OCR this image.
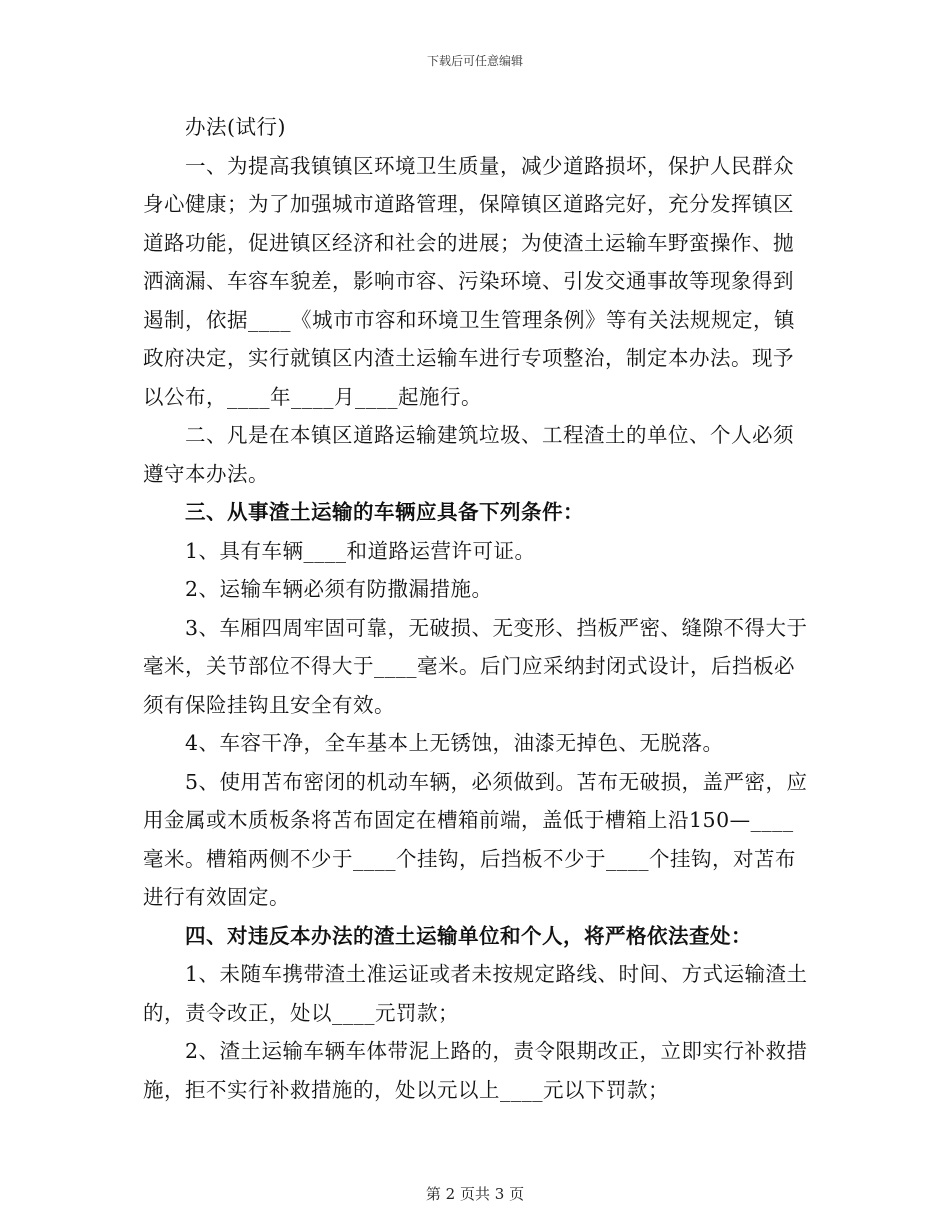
下载后可任意编辑

办法(试行)

一、为提高我镇镇区环境卫生质量，减少道路损坏，保护人民群众身心健康；为了加强城市道路管理，保障镇区道路完好，充分发挥镇区道路功能，促进镇区经济和社会的进展；为使渣土运输车野蛮操作、抛洒滴漏、车容车貌差，影响市容、污染环境、引发交通事故等现象得到遏制，依据____《城市市容和环境卫生管理条例》等有关法规规定，镇政府决定，实行就镇区内渣土运输车进行专项整治，制定本办法。现予以公布，____年____月____起施行。

二、凡是在本镇区道路运输建筑垃圾、工程渣土的单位、个人必须遵守本办法。

三、从事渣土运输的车辆应具备下列条件：

1、具有车辆____和道路运营许可证。

2、运输车辆必须有防撒漏措施。

3、车厢四周牢固可靠，无破损、无变形、挡板严密、缝隙不得大于毫米，关节部位不得大于____毫米。后门应采纳封闭式设计，后挡板必须有保险挂钩且安全有效。

4、车容干净，全车基本上无锈蚀，油漆无掉色、无脱落。

5、使用苫布密闭的机动车辆，必须做到。苫布无破损，盖严密，应用金属或木质板条将苫布固定在槽箱前端，盖低于槽箱上沿150—____毫米。槽箱两侧不少于____个挂钩，后挡板不少于____个挂钩，对苫布进行有效固定。

四、对违反本办法的渣土运输单位和个人，将严格依法查处：

1、未随车携带渣土准运证或者未按规定路线、时间、方式运输渣土的，责令改正，处以____元罚款；

2、渣土运输车辆车体带泥上路的，责令限期改正，立即实行补救措施，拒不实行补救措施的，处以元以上____元以下罚款；

第 2 页共 3 页
